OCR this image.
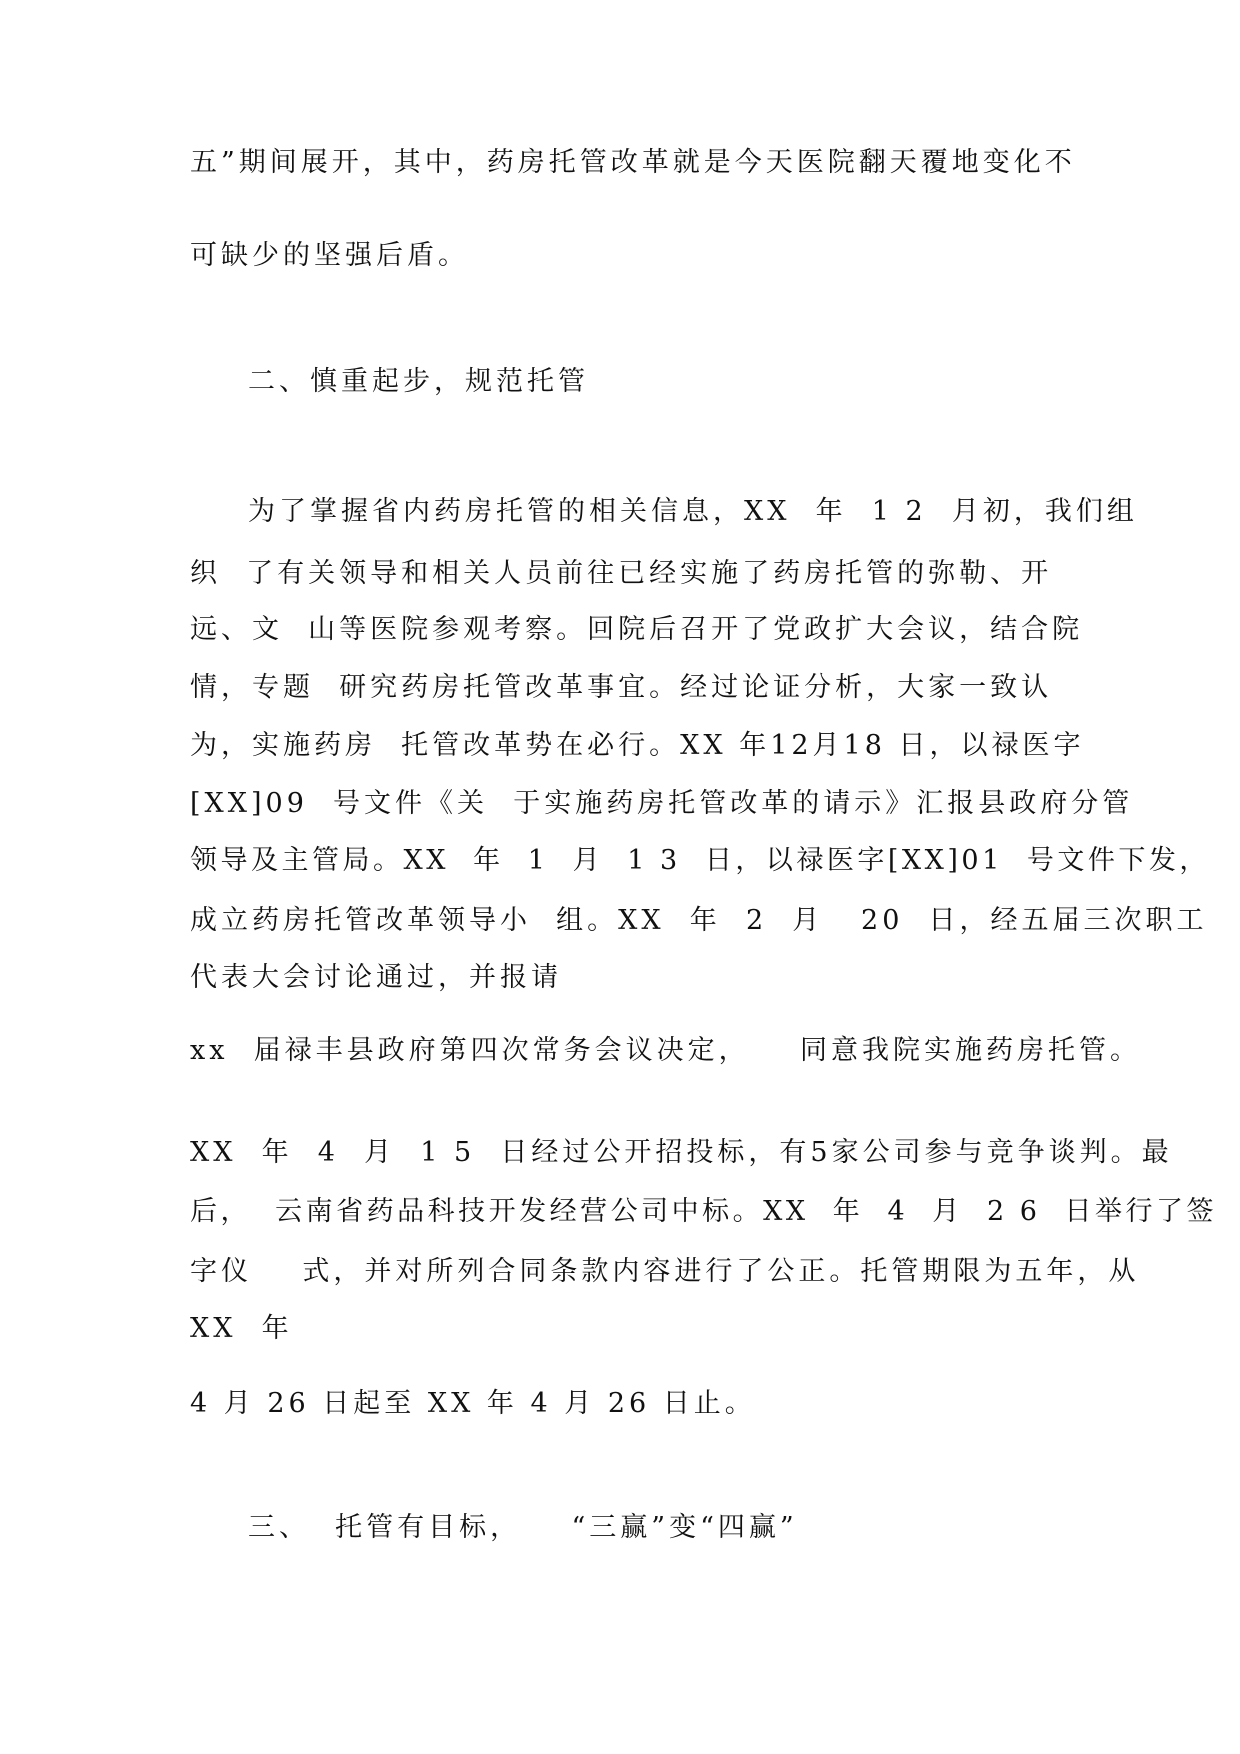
五”期间展开，其中，药房托管改革就是今天医院翻天覆地变化不
可缺少的坚强后盾。
二、慎重起步，规范托管
为了掌握省内药房托管的相关信息，XX  年  1 2  月初，我们组
织  了有关领导和相关人员前往已经实施了药房托管的弥勒、开
远、文  山等医院参观考察。回院后召开了党政扩大会议，结合院
情，专题  研究药房托管改革事宜。经过论证分析，大家一致认
为，实施药房  托管改革势在必行。XX 年12月18 日，以禄医字
[XX]09  号文件《关  于实施药房托管改革的请示》汇报县政府分管
领导及主管局。XX  年  1  月  1 3  日，以禄医字[XX]01  号文件下发，
成立药房托管改革领导小  组。XX  年  2  月   20  日，经五届三次职工
代表大会讨论通过，并报请
xx  届禄丰县政府第四次常务会议决定，    同意我院实施药房托管。
XX  年  4  月  1 5  日经过公开招投标，有5家公司参与竞争谈判。最
后，  云南省药品科技开发经营公司中标。XX  年  4  月  2 6  日举行了签
字仪    式，并对所列合同条款内容进行了公正。托管期限为五年，从
XX  年
4 月 26 日起至 XX 年 4 月 26 日止。
三、  托管有目标，    “三赢”变“四赢”
